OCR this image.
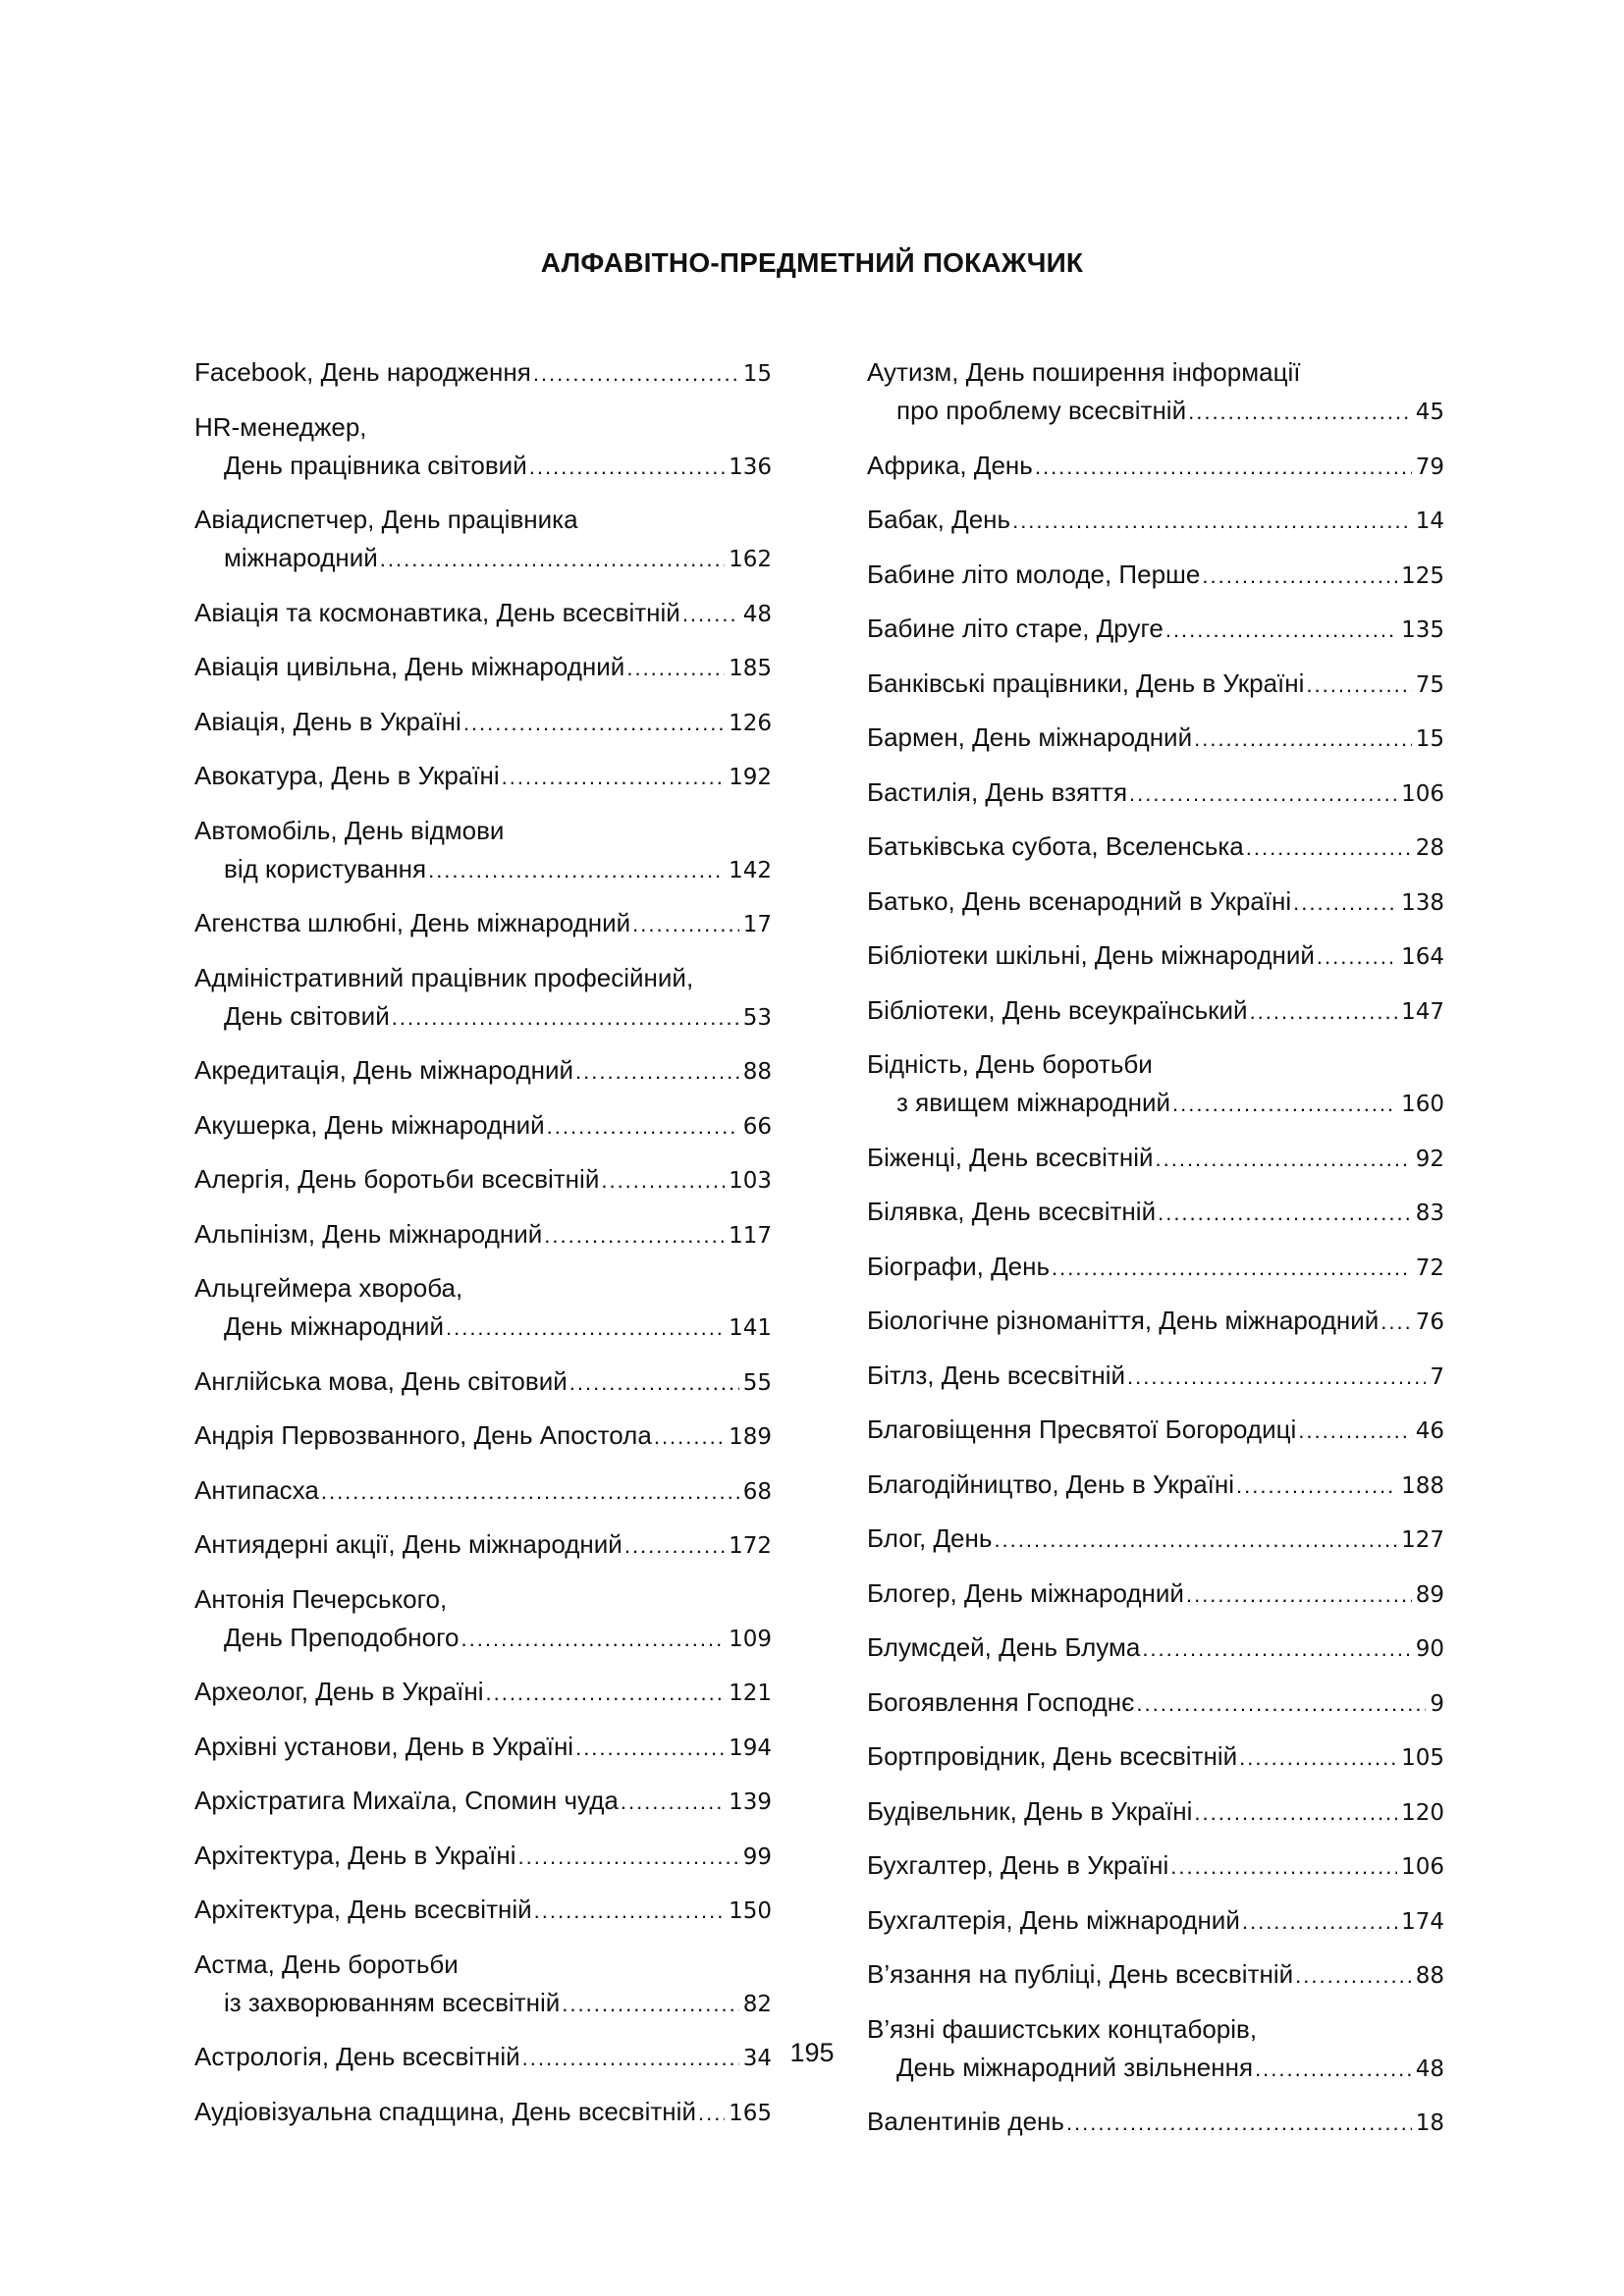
АЛФАВІТНО-ПРЕДМЕТНИЙ ПОКАЖЧИК
Facebook, День народження .....	15
HR-менеджер,
День працівника світовий .....	136
Авіадиспетчер, День працівника
міжнародний .....	162
Авіація та космонавтика, День всесвітній .....	48
Авіація цивільна, День міжнародний .....	185
Авіація, День в Україні .....	126
Авокатура, День в Україні .....	192
Автомобіль, День відмови
від користування .....	142
Агенства шлюбні, День міжнародний .....	17
Адміністративний працівник професійний,
День світовий .....	53
Акредитація, День міжнародний .....	88
Акушерка, День міжнародний .....	66
Алергія, День боротьби всесвітній .....	103
Альпінізм, День міжнародний .....	117
Альцгеймера хвороба,
День міжнародний .....	141
Англійська мова, День світовий .....	55
Андрія Первозванного, День Апостола .....	189
Антипасха .....	68
Антиядерні акції, День міжнародний .....	172
Антонія Печерського,
День Преподобного .....	109
Археолог, День в Україні .....	121
Архівні установи, День в Україні .....	194
Архістратига Михаїла, Спомин чуда .....	139
Архітектура, День в Україні .....	99
Архітектура, День всесвітній .....	150
Астма, День боротьби
із захворюванням всесвітній .....	82
Астрологія, День всесвітній .....	34
Аудіовізуальна спадщина, День всесвітній ..... 165
Аутизм, День поширення інформації
про проблему всесвітній .....	45
Африка, День .....	79
Бабак, День .....	14
Бабине літо молоде, Перше .....	125
Бабине літо старе, Друге .....	135
Банківські працівники, День в Україні .....	75
Бармен, День міжнародний .....	15
Бастилія, День взяття .....	106
Батьківська субота, Вселенська .....	28
Батько, День всенародний в Україні .....	138
Бібліотеки шкільні, День міжнародний .....	164
Бібліотеки, День всеукраїнський .....	147
Бідність, День боротьби
з явищем міжнародний .....	160
Біженці, День всесвітній .....	92
Білявка, День всесвітній .....	83
Біографи, День .....	72
Біологічне різноманіття, День міжнародний ..... 76
Бітлз, День всесвітній .....	7
Благовіщення Пресвятої Богородиці .....	46
Благодійництво, День в Україні .....	188
Блог, День .....	127
Блогер, День міжнародний .....	89
Блумсдей, День Блума .....	90
Богоявлення Господнє .....	9
Бортпровідник, День всесвітній .....	105
Будівельник, День в Україні .....	120
Бухгалтер, День в Україні .....	106
Бухгалтерія, День міжнародний .....	174
В’язання на публіці, День всесвітній .....	88
В’язні фашистських концтаборів,
День міжнародний звільнення .....	48
Валентинів день .....	18
195
